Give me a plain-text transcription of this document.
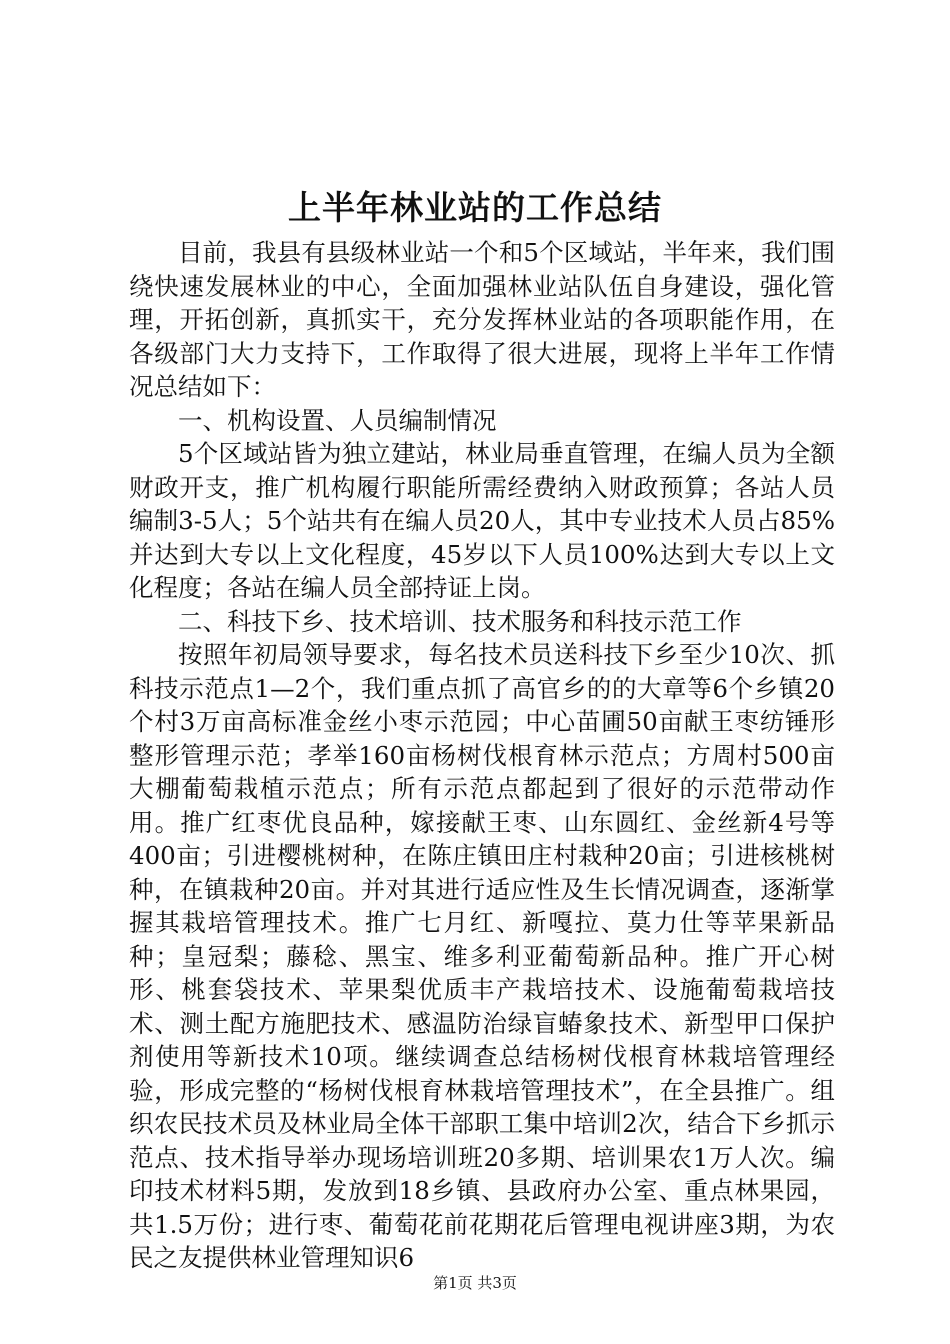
上半年林业站的工作总结

目前，我县有县级林业站一个和5个区域站，半年来，我们围绕快速发展林业的中心，全面加强林业站队伍自身建设，强化管理，开拓创新，真抓实干，充分发挥林业站的各项职能作用，在各级部门大力支持下，工作取得了很大进展，现将上半年工作情况总结如下：

一、机构设置、人员编制情况

5个区域站皆为独立建站，林业局垂直管理，在编人员为全额财政开支，推广机构履行职能所需经费纳入财政预算；各站人员编制3-5人；5个站共有在编人员20人，其中专业技术人员占85%并达到大专以上文化程度，45岁以下人员100%达到大专以上文化程度；各站在编人员全部持证上岗。

二、科技下乡、技术培训、技术服务和科技示范工作

按照年初局领导要求，每名技术员送科技下乡至少10次、抓科技示范点1—2个，我们重点抓了高官乡的的大章等6个乡镇20个村3万亩高标准金丝小枣示范园；中心苗圃50亩献王枣纺锤形整形管理示范；孝举160亩杨树伐根育林示范点；方周村500亩大棚葡萄栽植示范点；所有示范点都起到了很好的示范带动作用。推广红枣优良品种，嫁接献王枣、山东圆红、金丝新4号等400亩；引进樱桃树种，在陈庄镇田庄村栽种20亩；引进核桃树种，在镇栽种20亩。并对其进行适应性及生长情况调查，逐渐掌握其栽培管理技术。推广七月红、新嘎拉、莫力仕等苹果新品种；皇冠梨；藤稔、黑宝、维多利亚葡萄新品种。推广开心树形、桃套袋技术、苹果梨优质丰产栽培技术、设施葡萄栽培技术、测土配方施肥技术、感温防治绿盲蝽象技术、新型甲口保护剂使用等新技术10项。继续调查总结杨树伐根育林栽培管理经验，形成完整的“杨树伐根育林栽培管理技术”，在全县推广。组织农民技术员及林业局全体干部职工集中培训2次，结合下乡抓示范点、技术指导举办现场培训班20多期、培训果农1万人次。编印技术材料5期，发放到18乡镇、县政府办公室、重点林果园，共1.5万份；进行枣、葡萄花前花期花后管理电视讲座3期，为农民之友提供林业管理知识6

第1页 共3页
